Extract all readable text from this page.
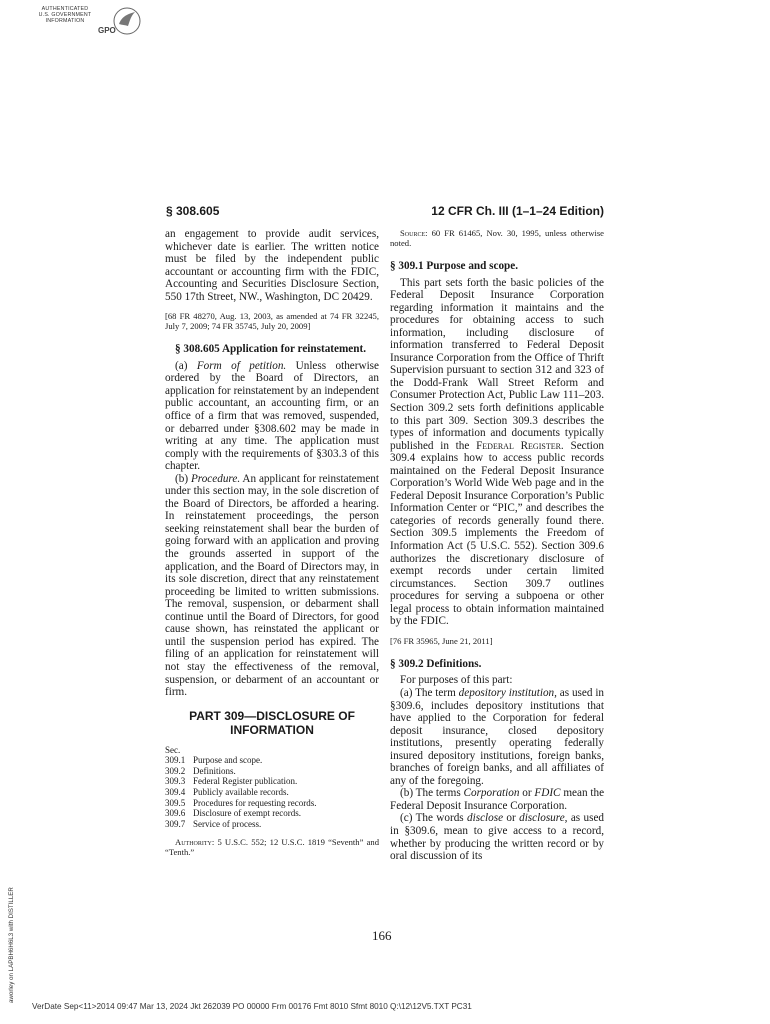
AUTHENTICATED
U.S. GOVERNMENT
INFORMATION
GPO
§ 308.605	12 CFR Ch. III (1–1–24 Edition)

an engagement to provide audit services, whichever date is earlier. The written notice must be filed by the independent public accountant or accounting firm with the FDIC, Accounting and Securities Disclosure Section, 550 17th Street, NW., Washington, DC 20429.

[68 FR 48270, Aug. 13, 2003, as amended at 74 FR 32245, July 7, 2009; 74 FR 35745, July 20, 2009]

§ 308.605 Application for reinstatement.

(a) Form of petition. Unless otherwise ordered by the Board of Directors, an application for reinstatement by an independent public accountant, an accounting firm, or an office of a firm that was removed, suspended, or debarred under §308.602 may be made in writing at any time. The application must comply with the requirements of §303.3 of this chapter.

(b) Procedure. An applicant for reinstatement under this section may, in the sole discretion of the Board of Directors, be afforded a hearing. In reinstatement proceedings, the person seeking reinstatement shall bear the burden of going forward with an application and proving the grounds asserted in support of the application, and the Board of Directors may, in its sole discretion, direct that any reinstatement proceeding be limited to written submissions. The removal, suspension, or debarment shall continue until the Board of Directors, for good cause shown, has reinstated the applicant or until the suspension period has expired. The filing of an application for reinstatement will not stay the effectiveness of the removal, suspension, or debarment of an accountant or firm.

PART 309—DISCLOSURE OF
INFORMATION
Sec.
309.1 Purpose and scope.
309.2 Definitions.
309.3 Federal Register publication.
309.4 Publicly available records.
309.5 Procedures for requesting records.
309.6 Disclosure of exempt records.
309.7 Service of process.

Authority: 5 U.S.C. 552; 12 U.S.C. 1819 “Seventh” and “Tenth.”

Source: 60 FR 61465, Nov. 30, 1995, unless otherwise noted.

§ 309.1 Purpose and scope.

This part sets forth the basic policies of the Federal Deposit Insurance Corporation regarding information it maintains and the procedures for obtaining access to such information, including disclosure of information transferred to Federal Deposit Insurance Corporation from the Office of Thrift Supervision pursuant to section 312 and 323 of the Dodd-Frank Wall Street Reform and Consumer Protection Act, Public Law 111–203. Section 309.2 sets forth definitions applicable to this part 309. Section 309.3 describes the types of information and documents typically published in the Federal Register. Section 309.4 explains how to access public records maintained on the Federal Deposit Insurance Corporation’s World Wide Web page and in the Federal Deposit Insurance Corporation’s Public Information Center or “PIC,” and describes the categories of records generally found there. Section 309.5 implements the Freedom of Information Act (5 U.S.C. 552). Section 309.6 authorizes the discretionary disclosure of exempt records under certain limited circumstances. Section 309.7 outlines procedures for serving a subpoena or other legal process to obtain information maintained by the FDIC.

[76 FR 35965, June 21, 2011]

§ 309.2 Definitions.

For purposes of this part:

(a) The term depository institution, as used in §309.6, includes depository institutions that have applied to the Corporation for federal deposit insurance, closed depository institutions, presently operating federally insured depository institutions, foreign banks, branches of foreign banks, and all affiliates of any of the foregoing.

(b) The terms Corporation or FDIC mean the Federal Deposit Insurance Corporation.

(c) The words disclose or disclosure, as used in §309.6, mean to give access to a record, whether by producing the written record or by oral discussion of its

166
aworley on LAPBH6H6L3 with DISTILLER
VerDate Sep<11>2014 09:47 Mar 13, 2024 Jkt 262039 PO 00000 Frm 00176 Fmt 8010 Sfmt 8010 Q:\12\12V5.TXT PC31
